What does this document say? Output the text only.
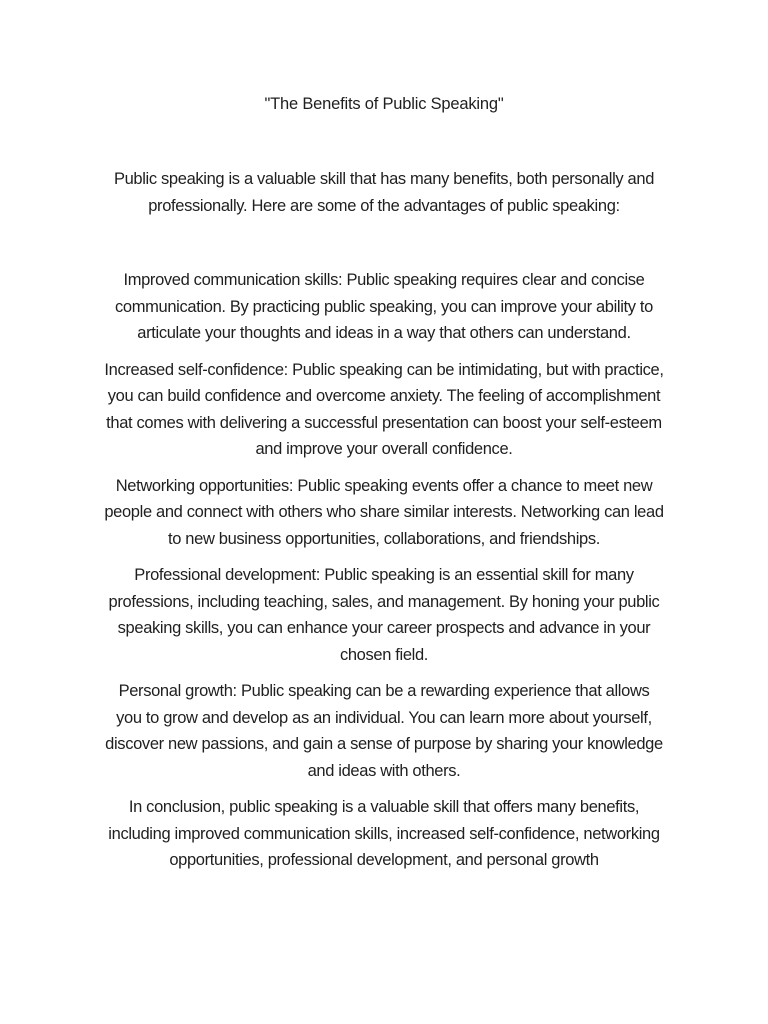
"The Benefits of Public Speaking"

Public speaking is a valuable skill that has many benefits, both personally and professionally. Here are some of the advantages of public speaking:

Improved communication skills: Public speaking requires clear and concise communication. By practicing public speaking, you can improve your ability to articulate your thoughts and ideas in a way that others can understand.

Increased self-confidence: Public speaking can be intimidating, but with practice, you can build confidence and overcome anxiety. The feeling of accomplishment that comes with delivering a successful presentation can boost your self-esteem and improve your overall confidence.

Networking opportunities: Public speaking events offer a chance to meet new people and connect with others who share similar interests. Networking can lead to new business opportunities, collaborations, and friendships.

Professional development: Public speaking is an essential skill for many professions, including teaching, sales, and management. By honing your public speaking skills, you can enhance your career prospects and advance in your chosen field.

Personal growth: Public speaking can be a rewarding experience that allows you to grow and develop as an individual. You can learn more about yourself, discover new passions, and gain a sense of purpose by sharing your knowledge and ideas with others.

In conclusion, public speaking is a valuable skill that offers many benefits, including improved communication skills, increased self-confidence, networking opportunities, professional development, and personal growth
